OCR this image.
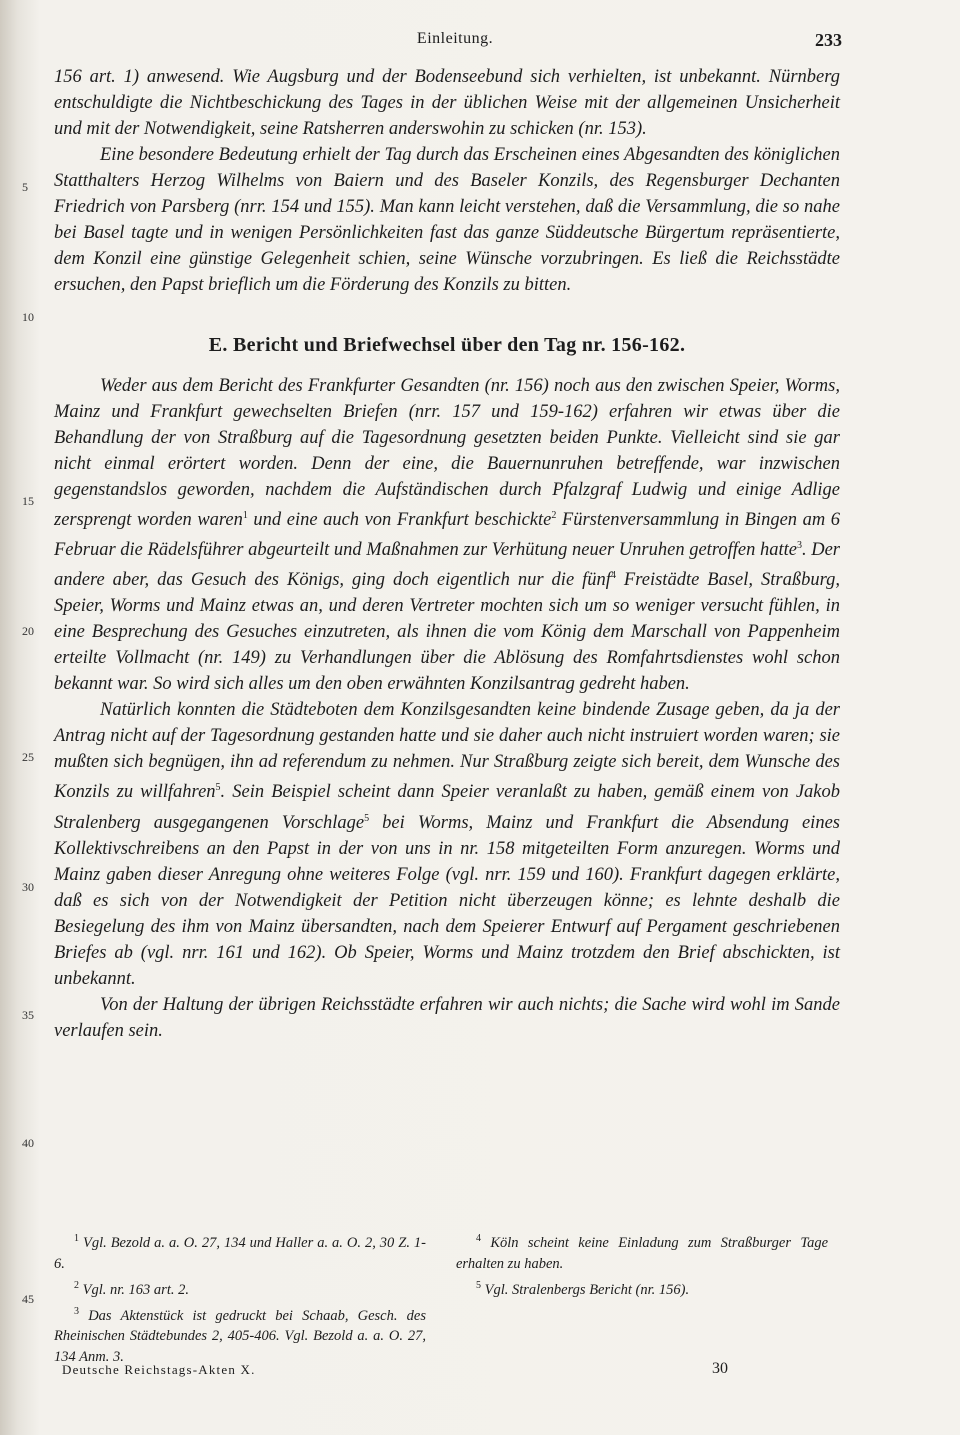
Einleitung.	233
5
10
15
20
25
30
35
40
45

156 art. 1) anwesend. Wie Augsburg und der Bodenseebund sich verhielten, ist unbekannt. Nürnberg entschuldigte die Nichtbeschickung des Tages in der üblichen Weise mit der allgemeinen Unsicherheit und mit der Notwendigkeit, seine Ratsherren anderswohin zu schicken (nr. 153).

Eine besondere Bedeutung erhielt der Tag durch das Erscheinen eines Abgesandten des königlichen Statthalters Herzog Wilhelms von Baiern und des Baseler Konzils, des Regensburger Dechanten Friedrich von Parsberg (nrr. 154 und 155). Man kann leicht verstehen, daß die Versammlung, die so nahe bei Basel tagte und in wenigen Persönlichkeiten fast das ganze Süddeutsche Bürgertum repräsentierte, dem Konzil eine günstige Gelegenheit schien, seine Wünsche vorzubringen. Es ließ die Reichsstädte ersuchen, den Papst brieflich um die Förderung des Konzils zu bitten.

E. Bericht und Briefwechsel über den Tag nr. 156-162.

Weder aus dem Bericht des Frankfurter Gesandten (nr. 156) noch aus den zwischen Speier, Worms, Mainz und Frankfurt gewechselten Briefen (nrr. 157 und 159-162) erfahren wir etwas über die Behandlung der von Straßburg auf die Tagesordnung gesetzten beiden Punkte. Vielleicht sind sie gar nicht einmal erörtert worden. Denn der eine, die Bauernunruhen betreffende, war inzwischen gegenstandslos geworden, nachdem die Aufständischen durch Pfalzgraf Ludwig und einige Adlige zersprengt worden waren$^1$ und eine auch von Frankfurt beschickte$^2$ Fürstenversammlung in Bingen am 6 Februar die Rädelsführer abgeurteilt und Maßnahmen zur Verhütung neuer Unruhen getroffen hatte$^3$. Der andere aber, das Gesuch des Königs, ging doch eigentlich nur die fünf$^4$ Freistädte Basel, Straßburg, Speier, Worms und Mainz etwas an, und deren Vertreter mochten sich um so weniger versucht fühlen, in eine Besprechung des Gesuches einzutreten, als ihnen die vom König dem Marschall von Pappenheim erteilte Vollmacht (nr. 149) zu Verhandlungen über die Ablösung des Romfahrtsdienstes wohl schon bekannt war. So wird sich alles um den oben erwähnten Konzilsantrag gedreht haben.

Natürlich konnten die Städteboten dem Konzilsgesandten keine bindende Zusage geben, da ja der Antrag nicht auf der Tagesordnung gestanden hatte und sie daher auch nicht instruiert worden waren; sie mußten sich begnügen, ihn ad referendum zu nehmen. Nur Straßburg zeigte sich bereit, dem Wunsche des Konzils zu willfahren$^5$. Sein Beispiel scheint dann Speier veranlaßt zu haben, gemäß einem von Jakob Stralenberg ausgegangenen Vorschlage$^5$ bei Worms, Mainz und Frankfurt die Absendung eines Kollektivschreibens an den Papst in der von uns in nr. 158 mitgeteilten Form anzuregen. Worms und Mainz gaben dieser Anregung ohne weiteres Folge (vgl. nrr. 159 und 160). Frankfurt dagegen erklärte, daß es sich von der Notwendigkeit der Petition nicht überzeugen könne; es lehnte deshalb die Besiegelung des ihm von Mainz übersandten, nach dem Speierer Entwurf auf Pergament geschriebenen Briefes ab (vgl. nrr. 161 und 162). Ob Speier, Worms und Mainz trotzdem den Brief abschickten, ist unbekannt.

Von der Haltung der übrigen Reichsstädte erfahren wir auch nichts; die Sache wird wohl im Sande verlaufen sein.

$^1$ Vgl. Bezold a. a. O. 27, 134 und Haller a. a. O. 2, 30 Z. 1-6.

$^2$ Vgl. nr. 163 art. 2.

$^3$ Das Aktenstück ist gedruckt bei Schaab, Gesch. des Rheinischen Städtebundes 2, 405-406. Vgl. Bezold a. a. O. 27, 134 Anm. 3.

$^4$ Köln scheint keine Einladung zum Straßburger Tage erhalten zu haben.

$^5$ Vgl. Stralenbergs Bericht (nr. 156).

Deutsche Reichstags-Akten X.	30
